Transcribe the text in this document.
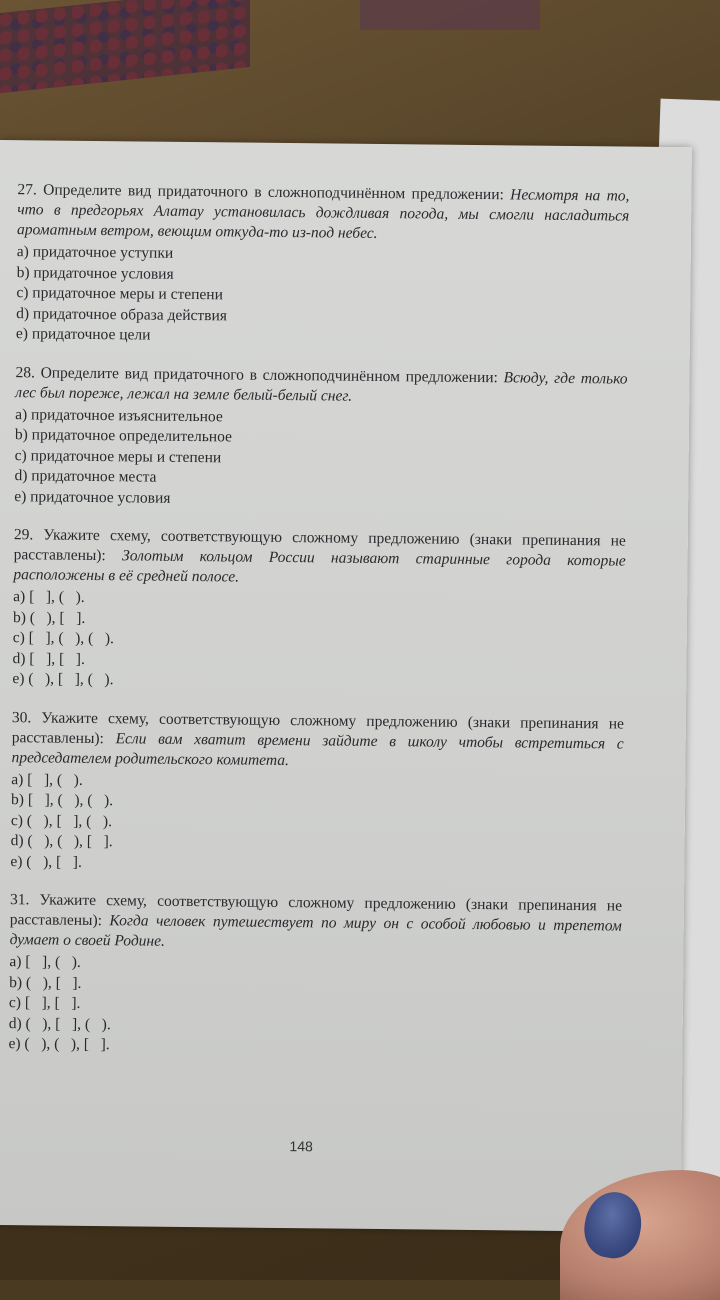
27. Определите вид придаточного в сложноподчинённом предложении: Несмотря на то, что в предгорьях Алатау установилась дождливая погода, мы смогли насладиться ароматным ветром, веющим откуда-то из-под небес.

a) придаточное уступки
b) придаточное условия
c) придаточное меры и степени
d) придаточное образа действия
e) придаточное цели

28. Определите вид придаточного в сложноподчинённом предложении: Всюду, где только лес был пореже, лежал на земле белый-белый снег.

a) придаточное изъяснительное
b) придаточное определительное
c) придаточное меры и степени
d) придаточное места
e) придаточное условия

29. Укажите схему, соответствующую сложному предложению (знаки препинания не расставлены): Золотым кольцом России называют старинные города которые расположены в её средней полосе.

a) [   ], (   ).
b) (   ), [   ].
c) [   ], (   ), (   ).
d) [   ], [   ].
e) (   ), [   ], (   ).

30. Укажите схему, соответствующую сложному предложению (знаки препинания не расставлены): Если вам хватит времени зайдите в школу чтобы встретиться с председателем родительского комитета.

a) [   ], (   ).
b) [   ], (   ), (   ).
c) (   ), [   ], (   ).
d) (   ), (   ), [   ].
e) (   ), [   ].

31. Укажите схему, соответствующую сложному предложению (знаки препинания не расставлены): Когда человек путешествует по миру он с особой любовью и трепетом думает о своей Родине.

a) [   ], (   ).
b) (   ), [   ].
c) [   ], [   ].
d) (   ), [   ], (   ).
e) (   ), (   ), [   ].
148
